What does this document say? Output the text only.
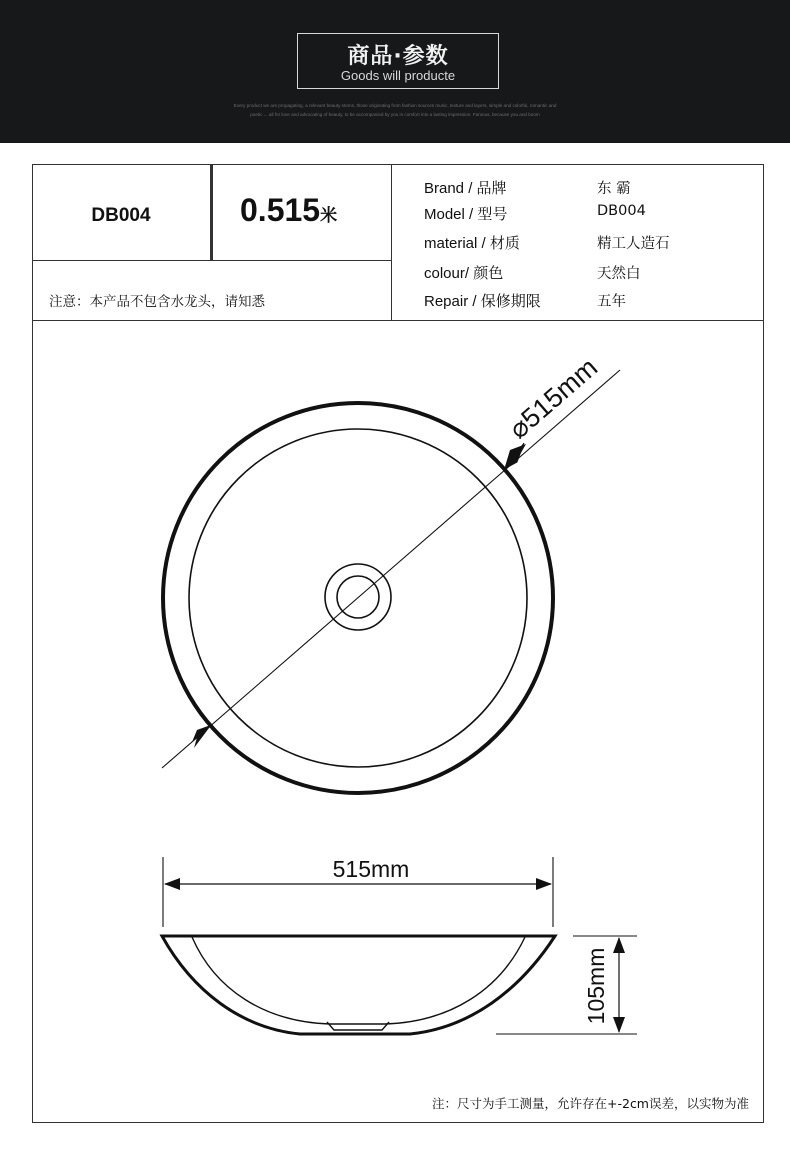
商品·参数
Goods will producte
Every product we are propagating, a relevant beauty stems, those originating from fashion sources music, texture and layers, simple and colorful, romantic and
poetic ... all for love and advocating of beauty, to be accompanied by you in comfort into a lasting impression. Famous, because you and boom
DB004	0.515米
注意：本产品不包含水龙头，请知悉
Brand / 品牌	东 霸
Model / 型号	DB004
material / 材质	精工人造石
colour/ 颜色	天然白
Repair / 保修期限	五年
⌀515mm
515mm
105mm
注：尺寸为手工测量，允许存在+-2cm误差，以实物为准
